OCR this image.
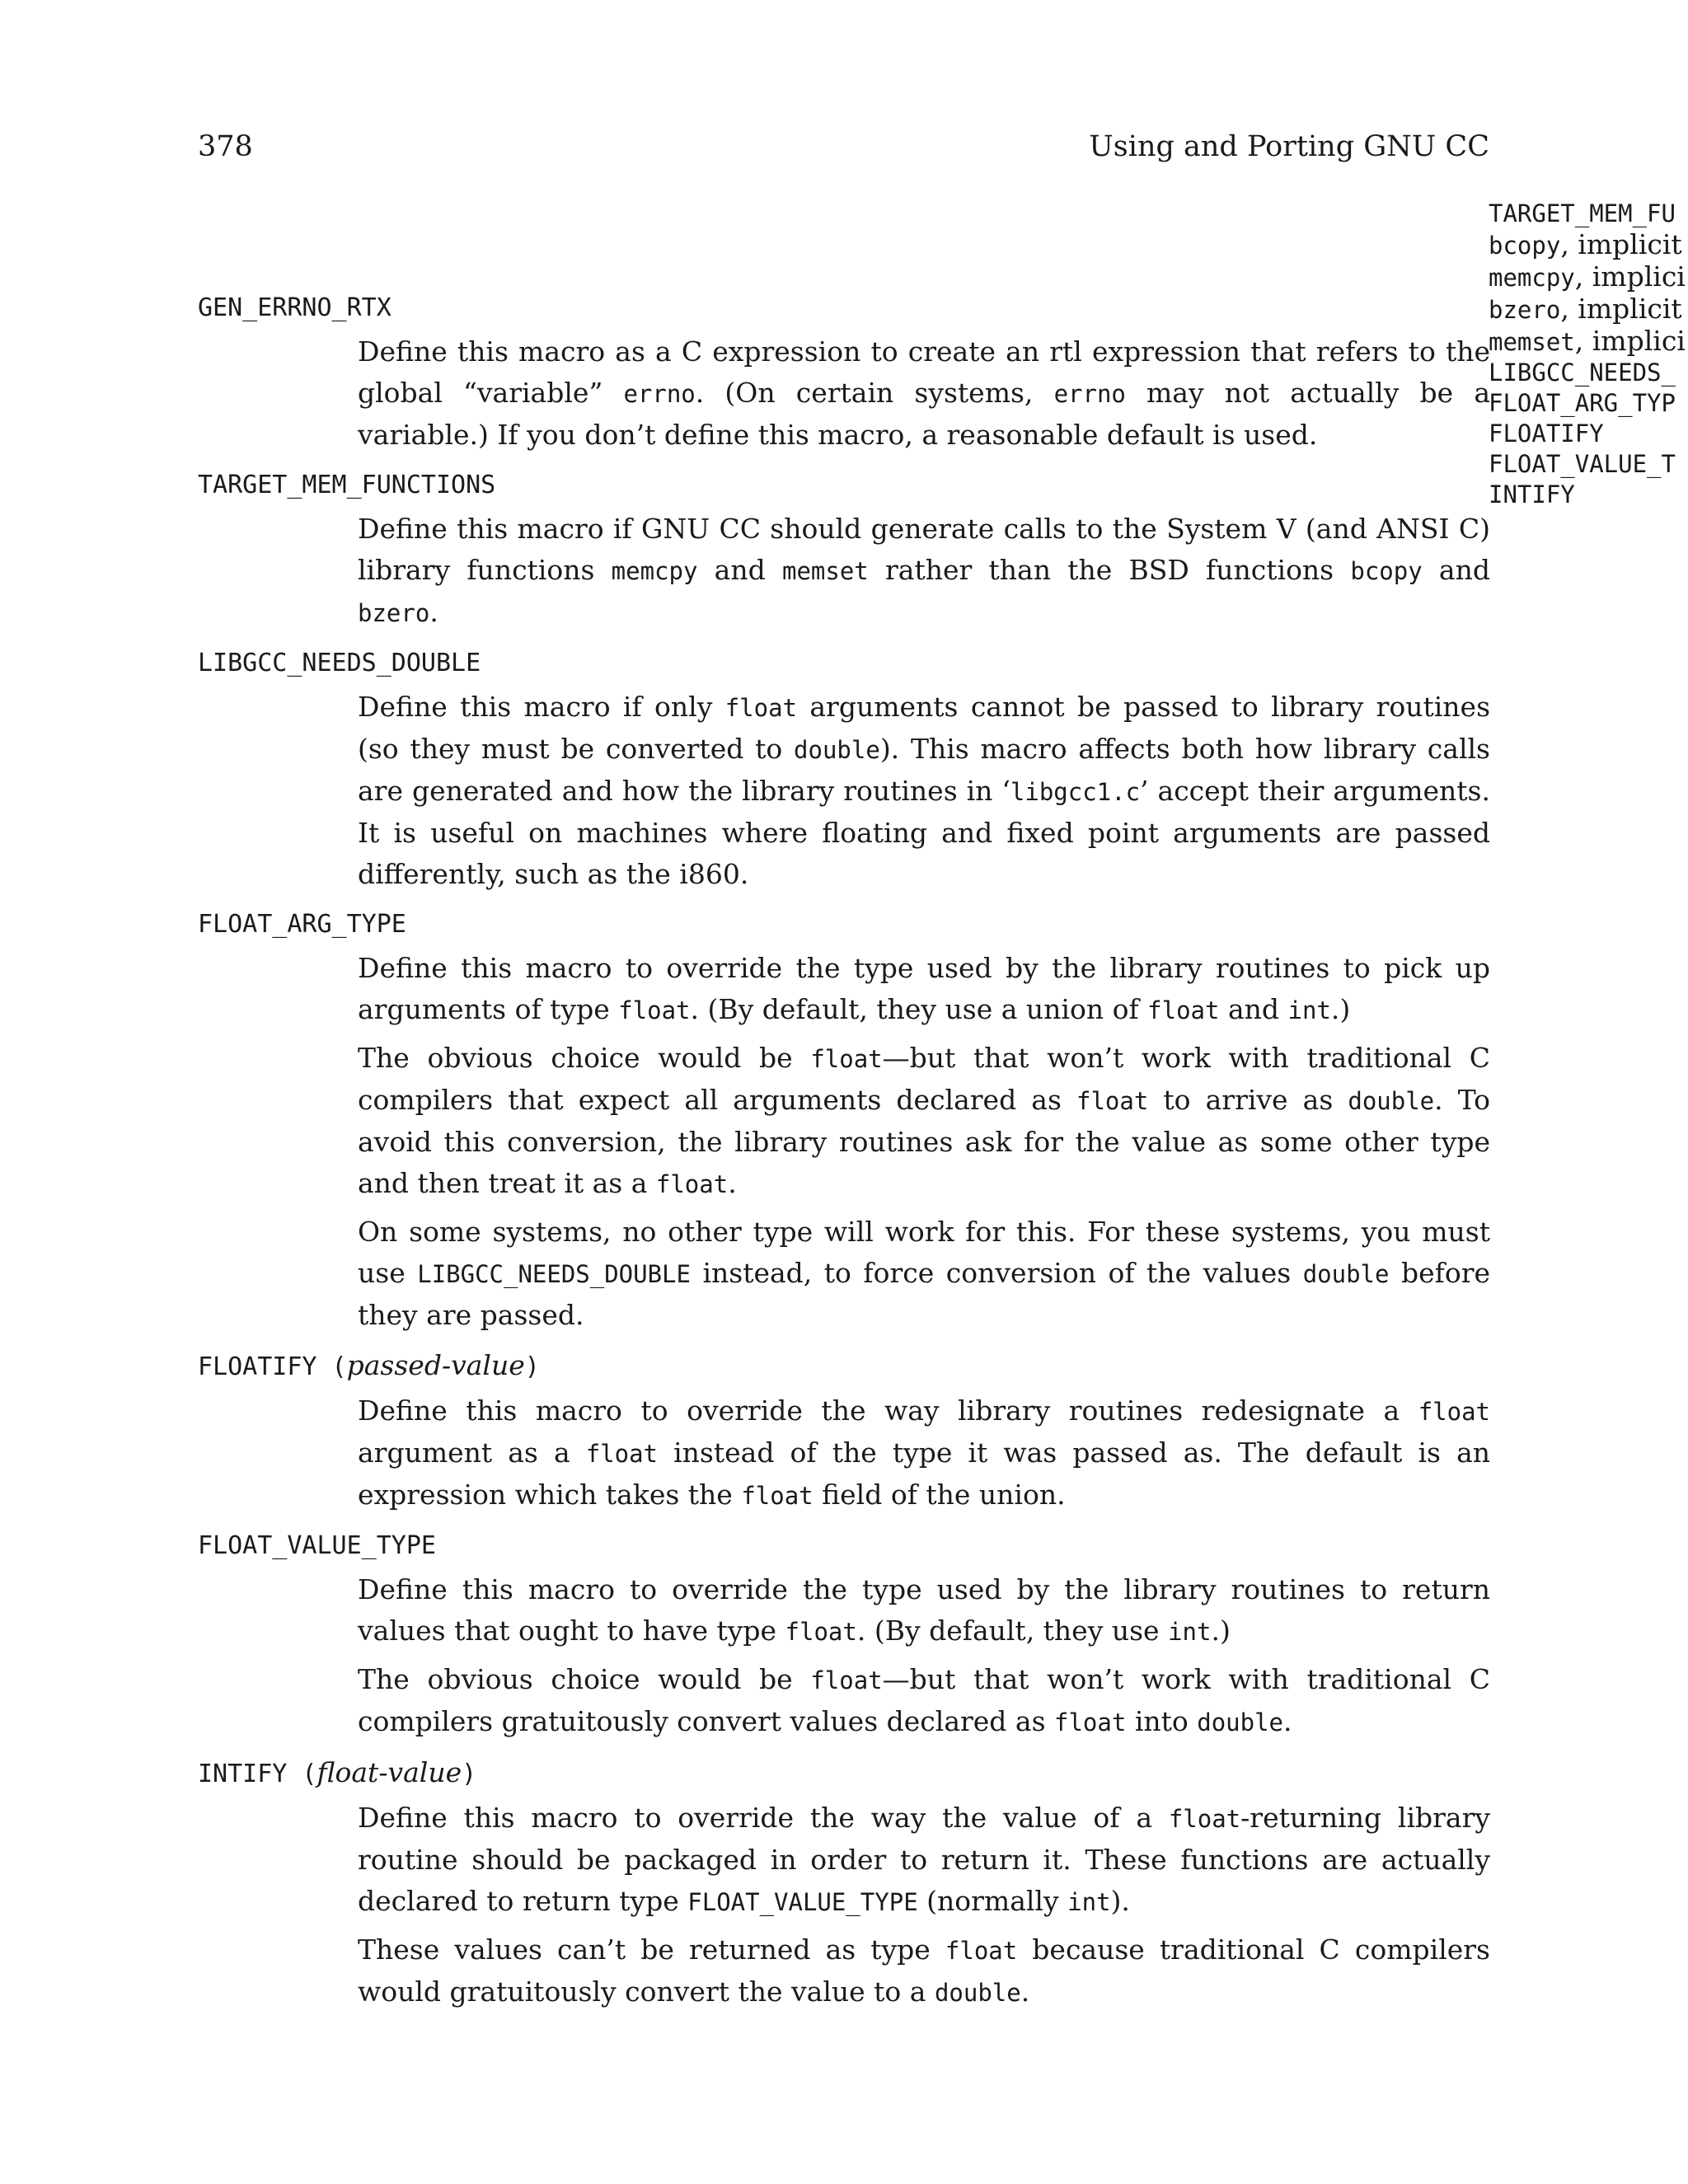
378	Using and Porting GNU CC
TARGET_MEM_FU
bcopy, implicit
memcpy, implici
bzero, implicit
memset, implici
LIBGCC_NEEDS_
FLOAT_ARG_TYP
FLOATIFY
FLOAT_VALUE_T
INTIFY
GEN_ERRNO_RTX

Define this macro as a C expression to create an rtl expression that refers to the global “variable” errno. (On certain systems, errno may not actually be a variable.) If you don’t define this macro, a reasonable default is used.

TARGET_MEM_FUNCTIONS

Define this macro if GNU CC should generate calls to the System V (and ANSI C) library functions memcpy and memset rather than the BSD functions bcopy and bzero.

LIBGCC_NEEDS_DOUBLE

Define this macro if only float arguments cannot be passed to library routines (so they must be converted to double). This macro affects both how library calls are generated and how the library routines in ‘libgcc1.c’ accept their arguments. It is useful on machines where floating and fixed point arguments are passed differently, such as the i860.

FLOAT_ARG_TYPE

Define this macro to override the type used by the library routines to pick up arguments of type float. (By default, they use a union of float and int.)

The obvious choice would be float—but that won’t work with traditional C compilers that expect all arguments declared as float to arrive as double. To avoid this conversion, the library routines ask for the value as some other type and then treat it as a float.

On some systems, no other type will work for this. For these systems, you must use LIBGCC_NEEDS_DOUBLE instead, to force conversion of the values double before they are passed.

FLOATIFY (passed-value)

Define this macro to override the way library routines redesignate a float argument as a float instead of the type it was passed as. The default is an expression which takes the float field of the union.

FLOAT_VALUE_TYPE

Define this macro to override the type used by the library routines to return values that ought to have type float. (By default, they use int.)

The obvious choice would be float—but that won’t work with traditional C compilers gratuitously convert values declared as float into double.

INTIFY (float-value)

Define this macro to override the way the value of a float-returning library routine should be packaged in order to return it. These functions are actually declared to return type FLOAT_VALUE_TYPE (normally int).

These values can’t be returned as type float because traditional C compilers would gratuitously convert the value to a double.
